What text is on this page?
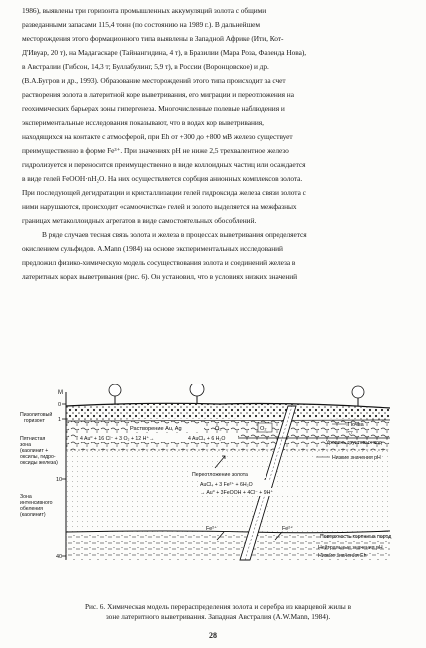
1986), выявлены три горизонта промышленных аккумуляций золота с общими
разведанными запасами 115,4 тонн (по состоянию на 1989 г.). В дальнейшем
месторождения этого формационного типа выявлены в Западной Африке (Ити, Кот-
Д'Ивуар, 20 т), на Мадагаскаре (Тайнангидина, 4 т), в Бразилии (Мара Роза, Фазенда Нова),
в Австралии (Гибсон, 14,3 т; Буллабулинг, 5,9 т), в России (Воронцовское) и др.
(В.А.Бугров и др., 1993). Образование месторождений этого типа происходит за счет
растворения золота в латеритной коре выветривания, его миграции и переотложения на
геохимических барьерах зоны гипергенеза. Многочисленные полевые наблюдения и
экспериментальные исследования показывают, что в водах кор выветривания,
находящихся на контакте с атмосферой, при Eh от +300 до +800 мВ железо существует
преимущественно в форме Fe³⁺. При значениях pH не ниже 2,5 трехвалентное железо
гидролизуется и переносится преимущественно в виде коллоидных частиц или осаждается
в виде гелей FeOOH·nH₂O. На них осуществляется сорбция анионных комплексов золота.
При последующей дегидратации и кристаллизации гелей гидроксида железа связи золота с
ними нарушаются, происходит «самоочистка» гелей и золото выделяется на межфазных
границах метаколлоидных агрегатов в виде самостоятельных обособлений.

В ряде случаев тесная связь золота и железа в процессах выветривания определяется
окислением сульфидов. A.Mann (1984) на основе экспериментальных исследований
предложил физико-химическую модель сосуществования золота и соединений железа в
латеритных корах выветривания (рис. 6). Он установил, что в условиях низких значений

M
0
1
10
40
▽
Пизолитовый горизонт
Пятнистая зона (каолинит + оксилы, гидро- оксиды железа)
Зона интенсивного обеления (каолинит)
Почва
Уровень грунтовых вод
Низкие значения pH
Поверхность коренных пород
Нейтральные значения pH
Низкие значения Eh
Растворение Au, Ag	O₂	O₂
4 Au⁰ + 16 Cl⁻ + 3 O₂ + 12 H⁺→	4 AuCl₄ + 6 H₂O
Переотложение золота
AuCl₄ + 3 Fe²⁺ + 6H₂O
→ Au⁰ + 3FeOOH + 4Cl⁻ + 9H⁺
Fe²⁺	Fe²⁺
Рис. 6. Химическая модель перераспределения золота и серебра из кварцевой жилы в
зоне латеритного выветривания. Западная Австралия (A.W.Mann, 1984).
28
